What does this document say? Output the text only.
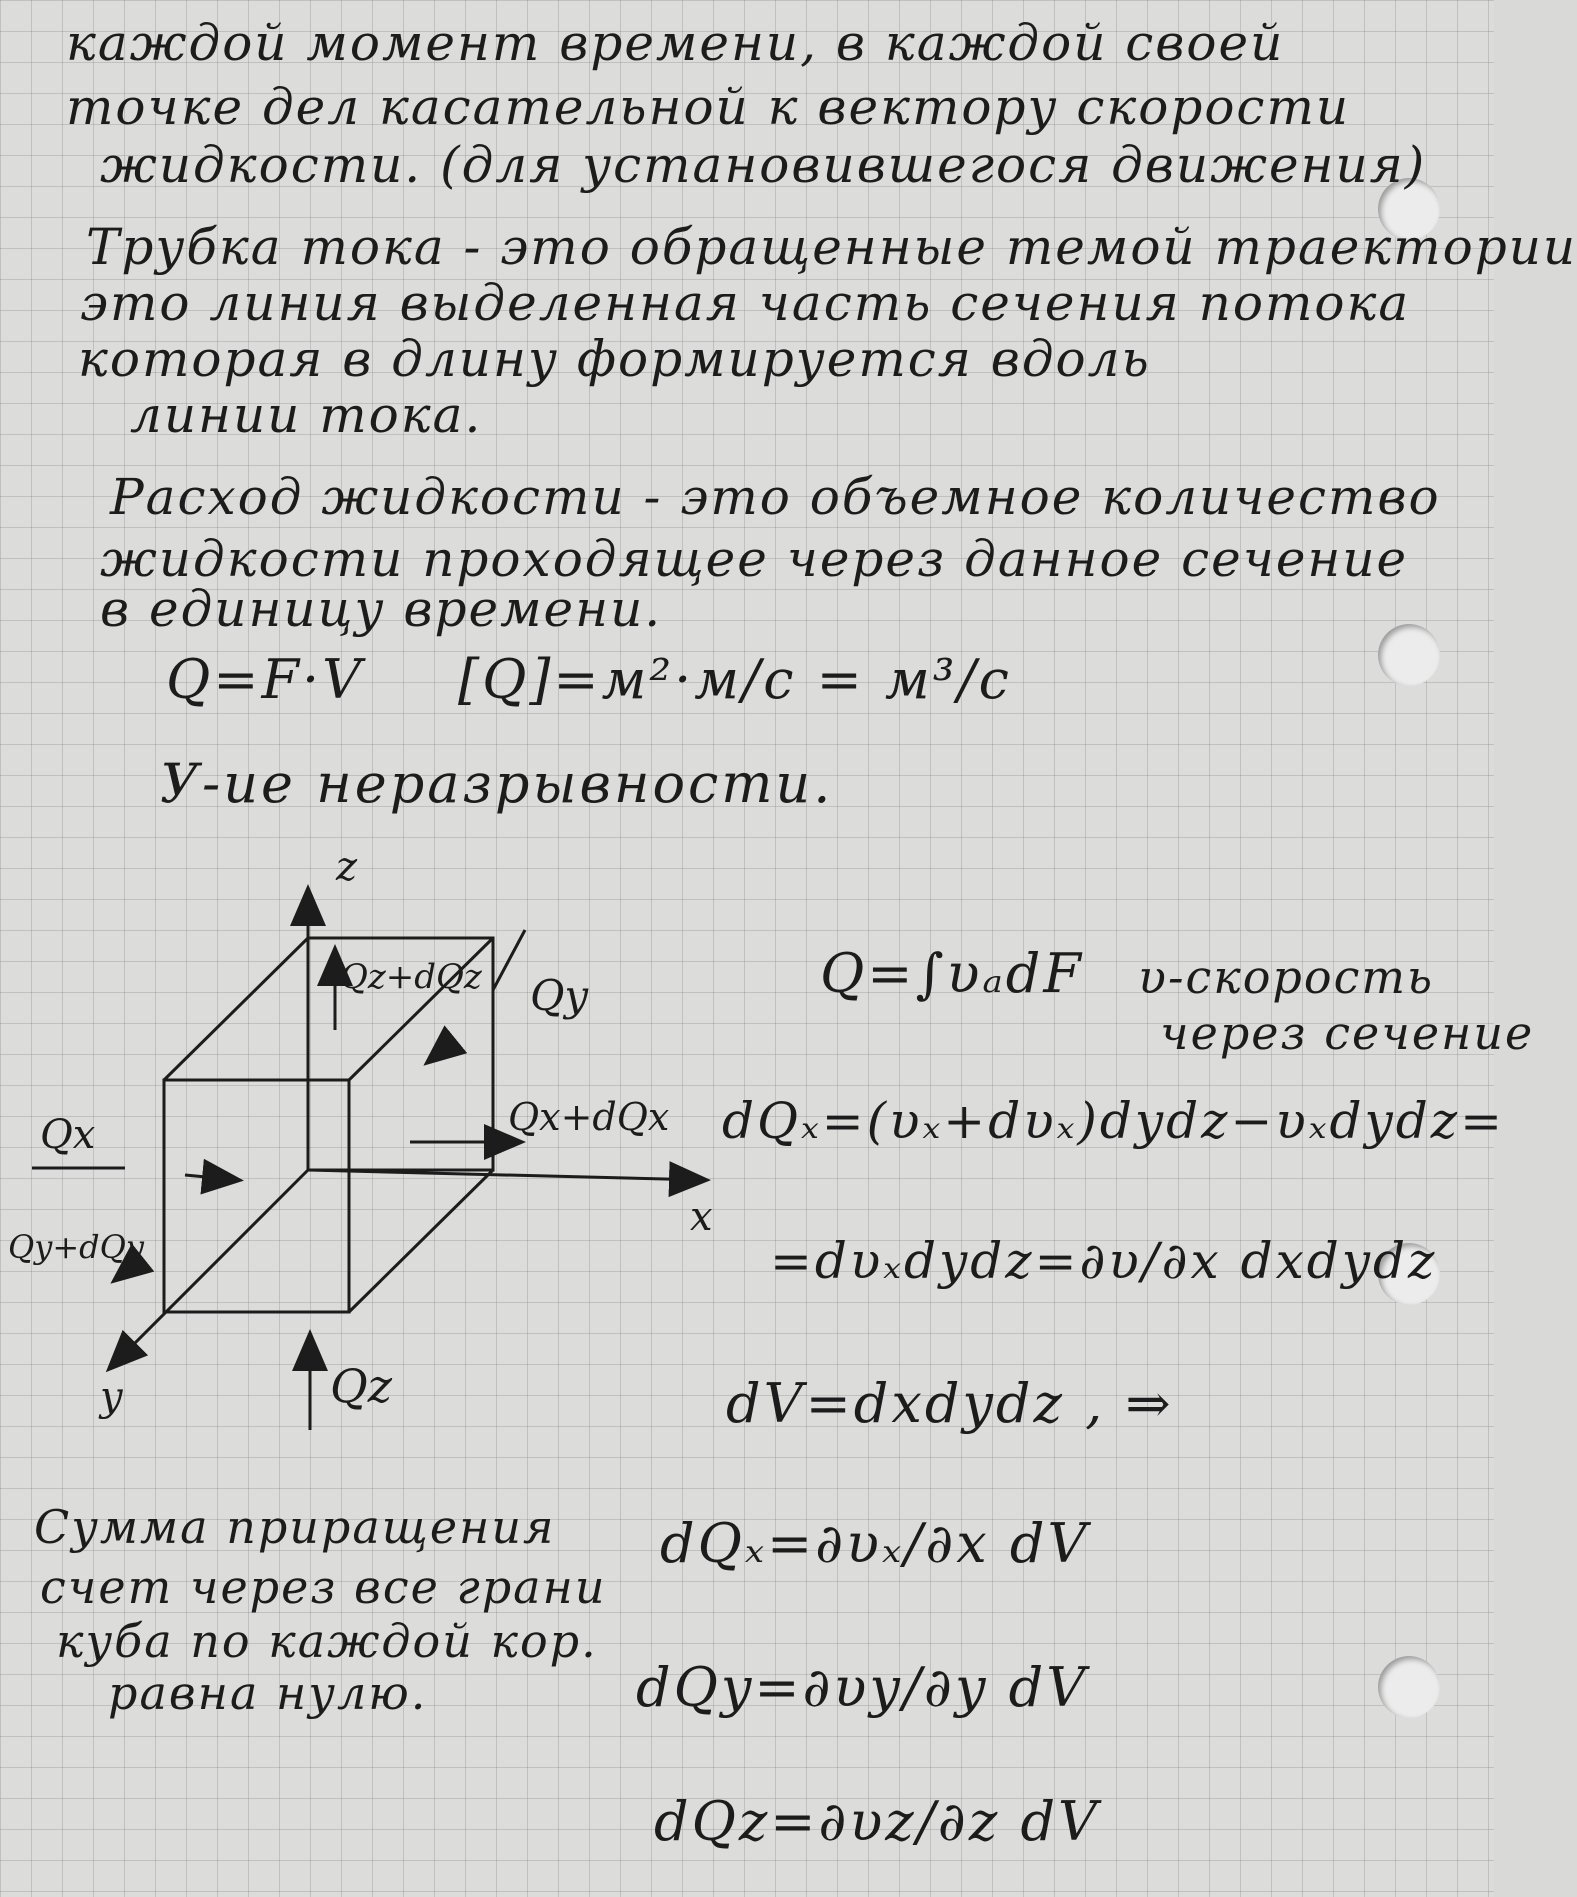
каждой момент времени, в каждой своей
точке дел касательной к вектору скорости
жидкости. (для установившегося движения)
Трубка тока - это обращенные темой траектории
это линия выделенная часть сечения потока
которая в длину формируется вдоль
линии тока.
Расход жидкости - это объемное количество
жидкости проходящее через данное сечение
в единицу времени.
Q=F·V [Q]=м²·м/с = м³/с
У-ие неразрывности.
z
x
y
Qz+dQz Qy
Qx+dQx
Qx
Qy+dQy
Qz
Q=∫υₐdF υ-скорость
через сечение
dQₓ=(υₓ+dυₓ)dydz−υₓdydz=
=dυₓdydz=∂υ/∂x dxdydz
dV=dxdydz , ⇒
Сумма приращения
счет через все грани
куба по каждой кор.
равна нулю.
dQₓ=∂υₓ/∂x dV
dQy=∂υy/∂y dV
dQz=∂υz/∂z dV
